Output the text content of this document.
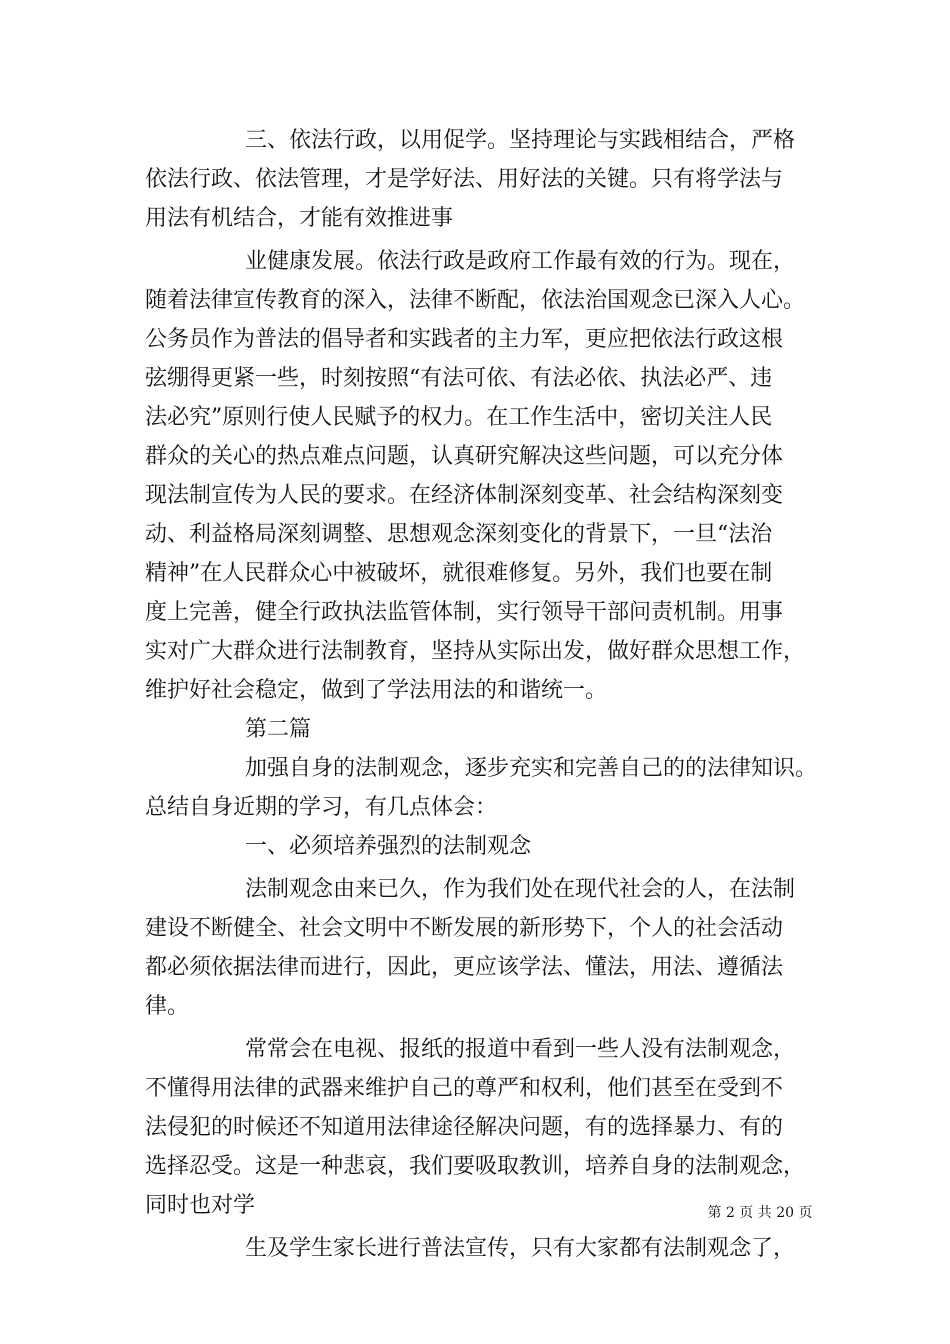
三、依法行政，以用促学。坚持理论与实践相结合，严格
依法行政、依法管理，才是学好法、用好法的关键。只有将学法与
用法有机结合，才能有效推进事
业健康发展。依法行政是政府工作最有效的行为。现在，
随着法律宣传教育的深入，法律不断配，依法治国观念已深入人心。
公务员作为普法的倡导者和实践者的主力军，更应把依法行政这根
弦绷得更紧一些，时刻按照“有法可依、有法必依、执法必严、违
法必究”原则行使人民赋予的权力。在工作生活中，密切关注人民
群众的关心的热点难点问题，认真研究解决这些问题，可以充分体
现法制宣传为人民的要求。在经济体制深刻变革、社会结构深刻变
动、利益格局深刻调整、思想观念深刻变化的背景下，一旦“法治
精神”在人民群众心中被破坏，就很难修复。另外，我们也要在制
度上完善，健全行政执法监管体制，实行领导干部问责机制。用事
实对广大群众进行法制教育，坚持从实际出发，做好群众思想工作，
维护好社会稳定，做到了学法用法的和谐统一。
第二篇
加强自身的法制观念，逐步充实和完善自己的的法律知识。
总结自身近期的学习，有几点体会：
一、必须培养强烈的法制观念
法制观念由来已久，作为我们处在现代社会的人，在法制
建设不断健全、社会文明中不断发展的新形势下，个人的社会活动
都必须依据法律而进行，因此，更应该学法、懂法，用法、遵循法
律。
常常会在电视、报纸的报道中看到一些人没有法制观念，
不懂得用法律的武器来维护自己的尊严和权利，他们甚至在受到不
法侵犯的时候还不知道用法律途径解决问题，有的选择暴力、有的
选择忍受。这是一种悲哀，我们要吸取教训，培养自身的法制观念，
同时也对学
生及学生家长进行普法宣传，只有大家都有法制观念了，
第 2 页 共 20 页
